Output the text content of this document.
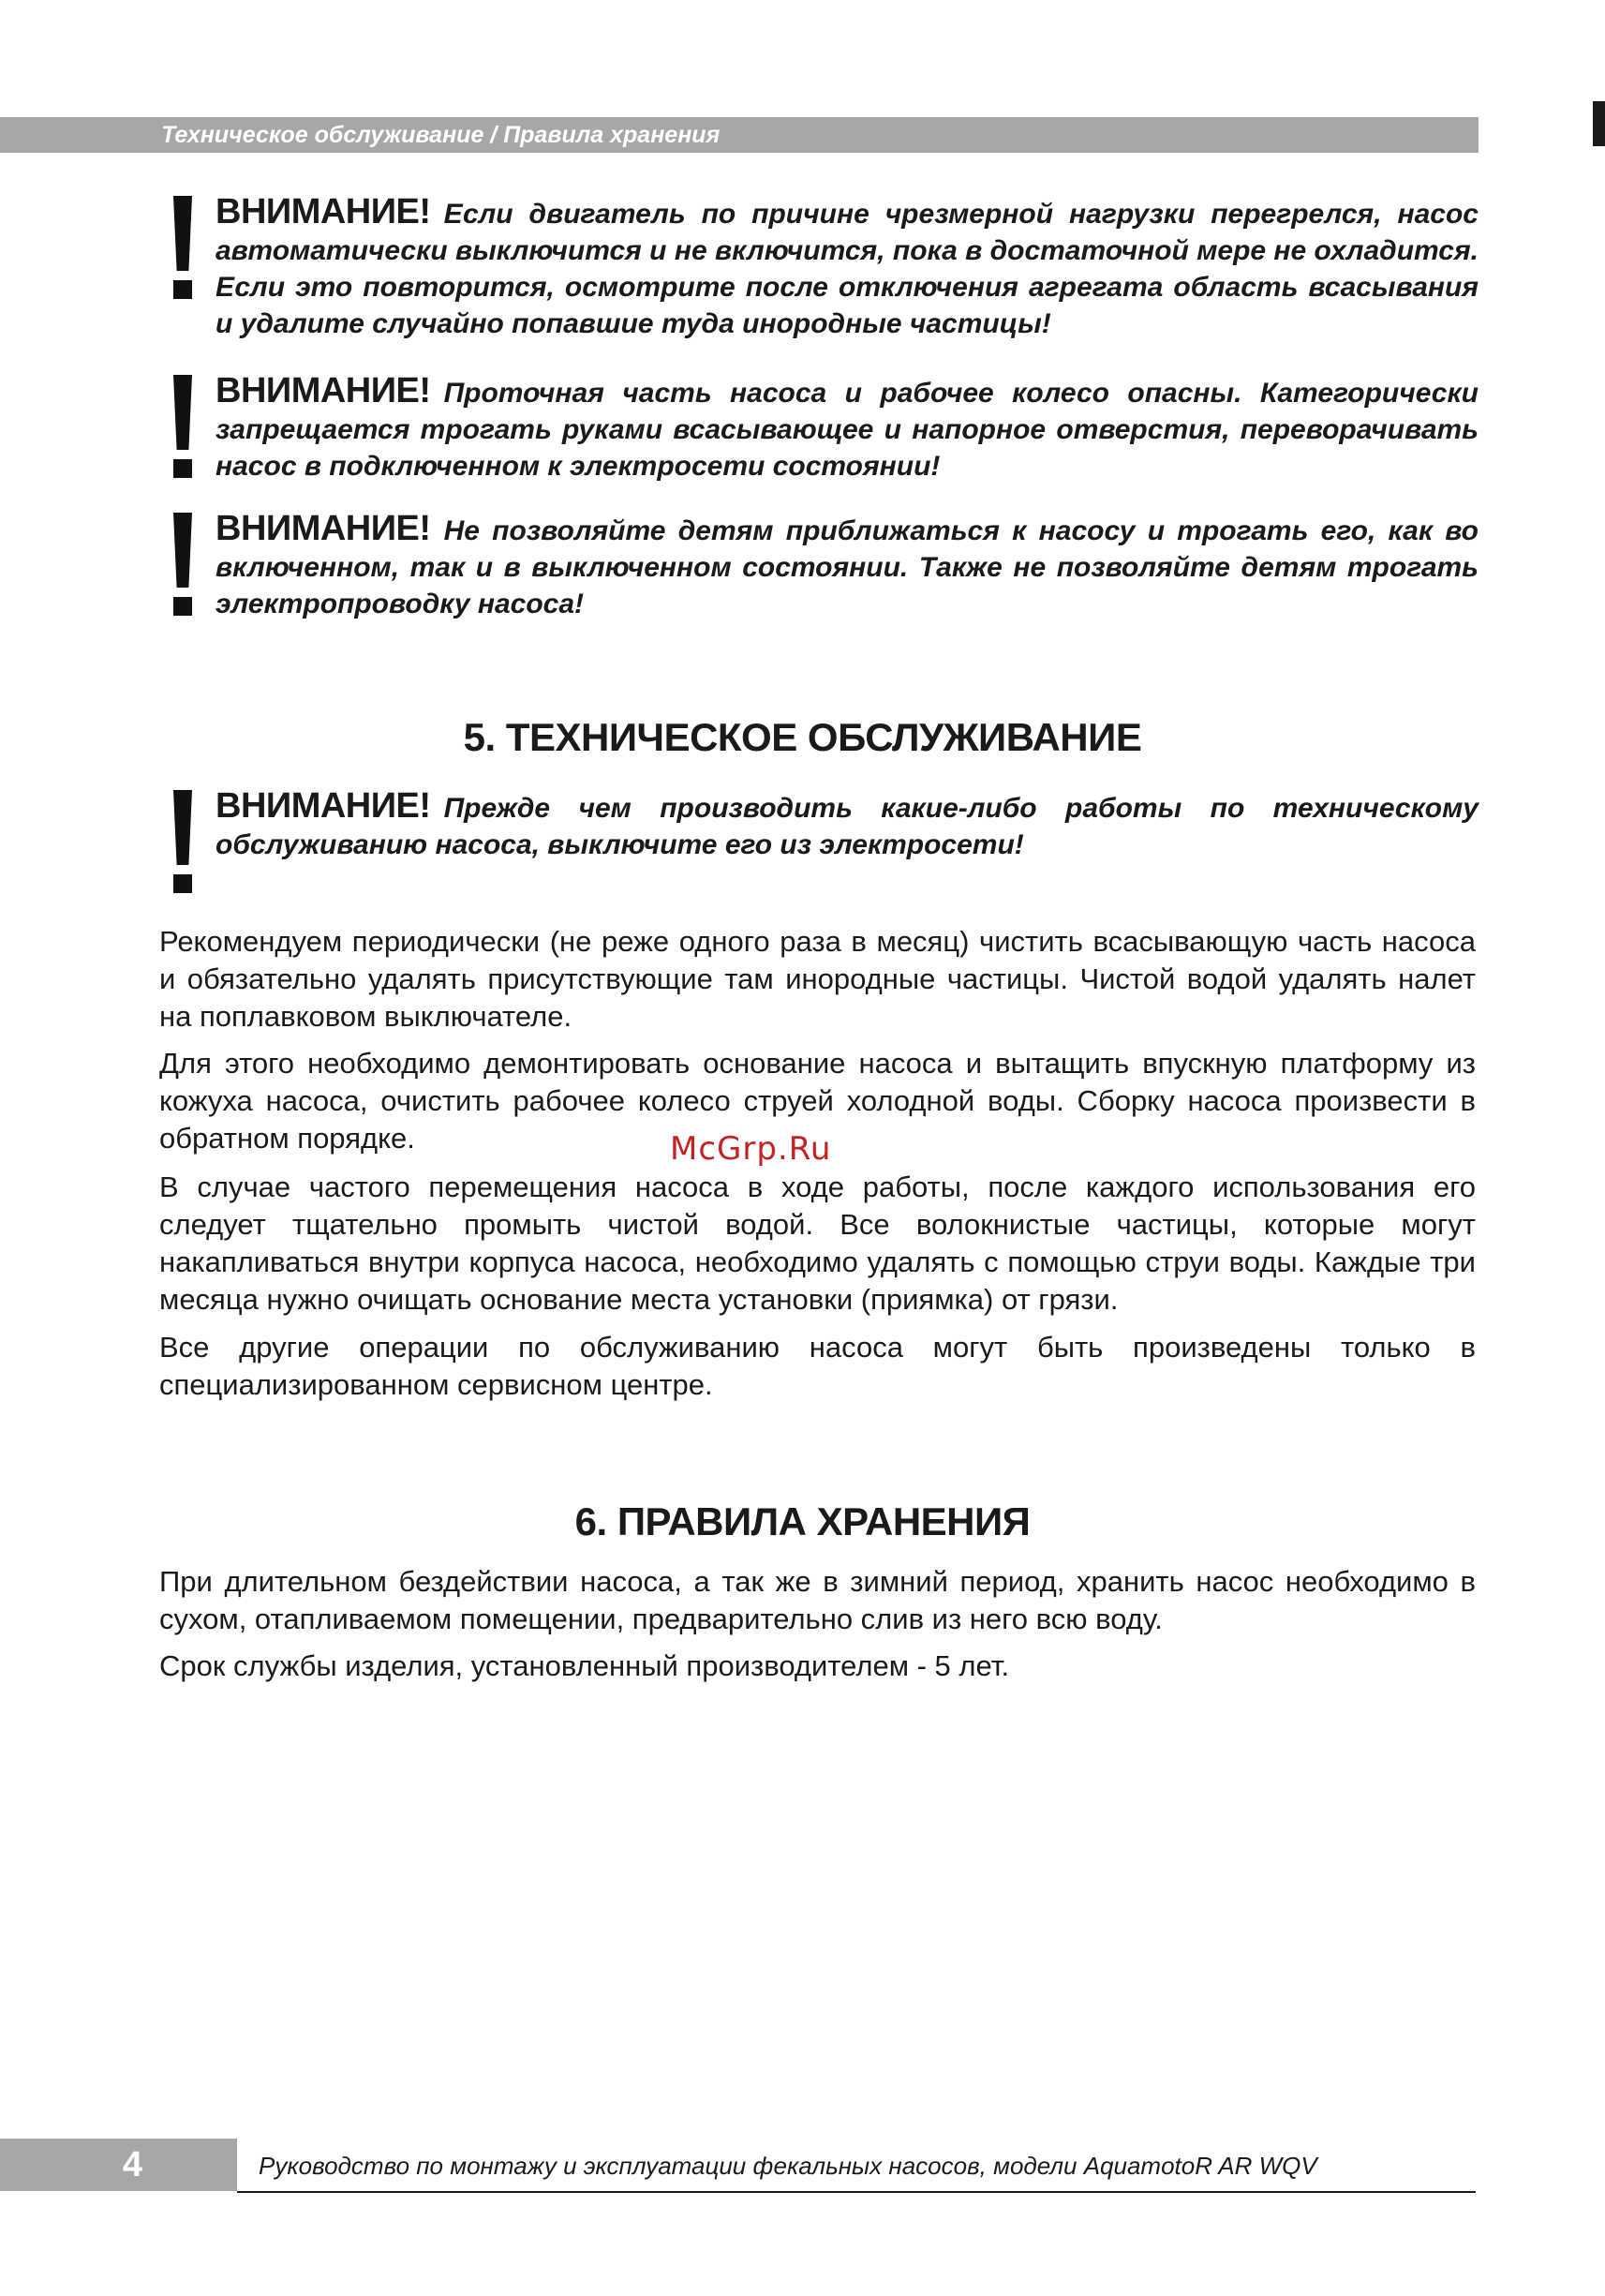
Техническое обслуживание / Правила хранения
ВНИМАНИЕ! Если двигатель по причине чрезмерной нагрузки перегрелся, насос автоматически выключится и не включится, пока в достаточной мере не охладится. Если это повторится, осмотрите после отключения агрегата область всасывания и удалите случайно попавшие туда инородные частицы!
ВНИМАНИЕ! Проточная часть насоса и рабочее колесо опасны. Категорически запрещается трогать руками всасывающее и напорное отверстия, переворачивать насос в подключенном к электросети состоянии!
ВНИМАНИЕ! Не позволяйте детям приближаться к насосу и трогать его, как во включенном, так и в выключенном состоянии. Также не позволяйте детям трогать электропроводку насоса!
5. ТЕХНИЧЕСКОЕ ОБСЛУЖИВАНИЕ
ВНИМАНИЕ! Прежде чем производить какие-либо работы по техническому обслуживанию насоса, выключите его из электросети!

Рекомендуем периодически (не реже одного раза в месяц) чистить всасывающую часть насоса и обязательно удалять присутствующие там инородные частицы. Чистой водой удалять налет на поплавковом выключателе.

Для этого необходимо демонтировать основание насоса и вытащить впускную платформу из кожуха насоса, очистить рабочее колесо струей холодной воды. Сборку насоса произвести в обратном порядке.	McGrp.Ru

В случае частого перемещения насоса в ходе работы, после каждого использования его следует тщательно промыть чистой водой. Все волокнистые частицы, которые могут накапливаться внутри корпуса насоса, необходимо удалять с помощью струи воды. Каждые три месяца нужно очищать основание места установки (приямка) от грязи.

Все другие операции по обслуживанию насоса могут быть произведены только в специализированном сервисном центре.

6. ПРАВИЛА ХРАНЕНИЯ

При длительном бездействии насоса, а так же в зимний период, хранить насос необходимо в сухом, отапливаемом помещении, предварительно слив из него всю воду.

Срок службы изделия, установленный производителем - 5 лет.

4	Руководство по монтажу и эксплуатации фекальных насосов, модели AquamotoR AR WQV
